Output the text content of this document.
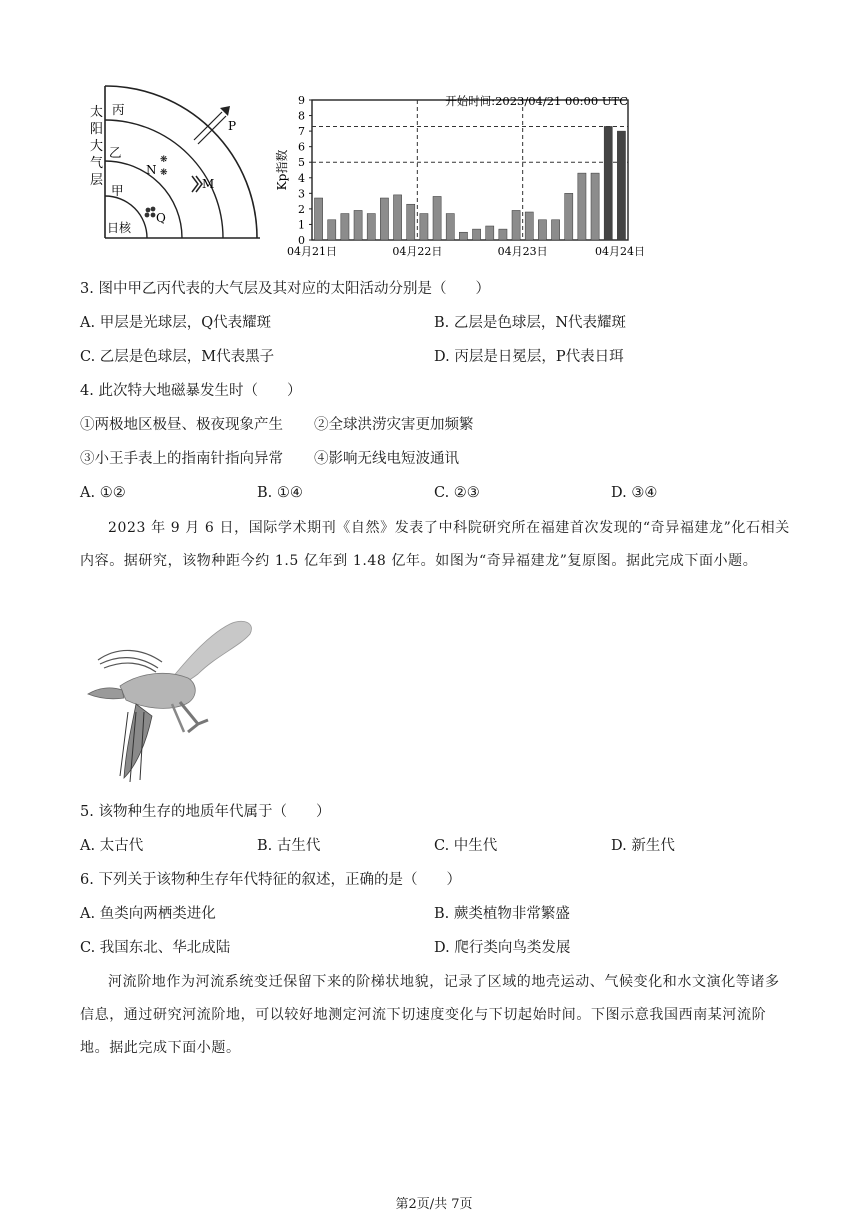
太
阳
大
气
层
丙
乙
甲
日核
P
❋
❋
N
M
Q
0
1
2
3
4
5
6
7
8
9
04月21日	04月22日	04月23日	04月24日
开始时间:2023/04/21 00:00 UTC
Kp指数
3. 图中甲乙丙代表的大气层及其对应的太阳活动分别是（　　）
A. 甲层是光球层，Q代表耀斑	B. 乙层是色球层，N代表耀斑
C. 乙层是色球层，M代表黑子	D. 丙层是日冕层，P代表日珥
4. 此次特大地磁暴发生时（　　）
①两极地区极昼、极夜现象产生 ②全球洪涝灾害更加频繁
③小王手表上的指南针指向异常 ④影响无线电短波通讯
A. ①②	B. ①④	C. ②③	D. ③④
2023 年 9 月 6 日，国际学术期刊《自然》发表了中科院研究所在福建首次发现的“奇异福建龙”化石相关内容。据研究，该物种距今约 1.5 亿年到 1.48 亿年。如图为“奇异福建龙”复原图。据此完成下面小题。
5. 该物种生存的地质年代属于（　　）
A. 太古代	B. 古生代	C. 中生代	D. 新生代
6. 下列关于该物种生存年代特征的叙述，正确的是（　　）
A. 鱼类向两栖类进化	B. 蕨类植物非常繁盛
C. 我国东北、华北成陆	D. 爬行类向鸟类发展
河流阶地作为河流系统变迁保留下来的阶梯状地貌，记录了区域的地壳运动、气候变化和水文演化等诸多信息，通过研究河流阶地，可以较好地测定河流下切速度变化与下切起始时间。下图示意我国西南某河流阶地。据此完成下面小题。
第2页/共 7页
